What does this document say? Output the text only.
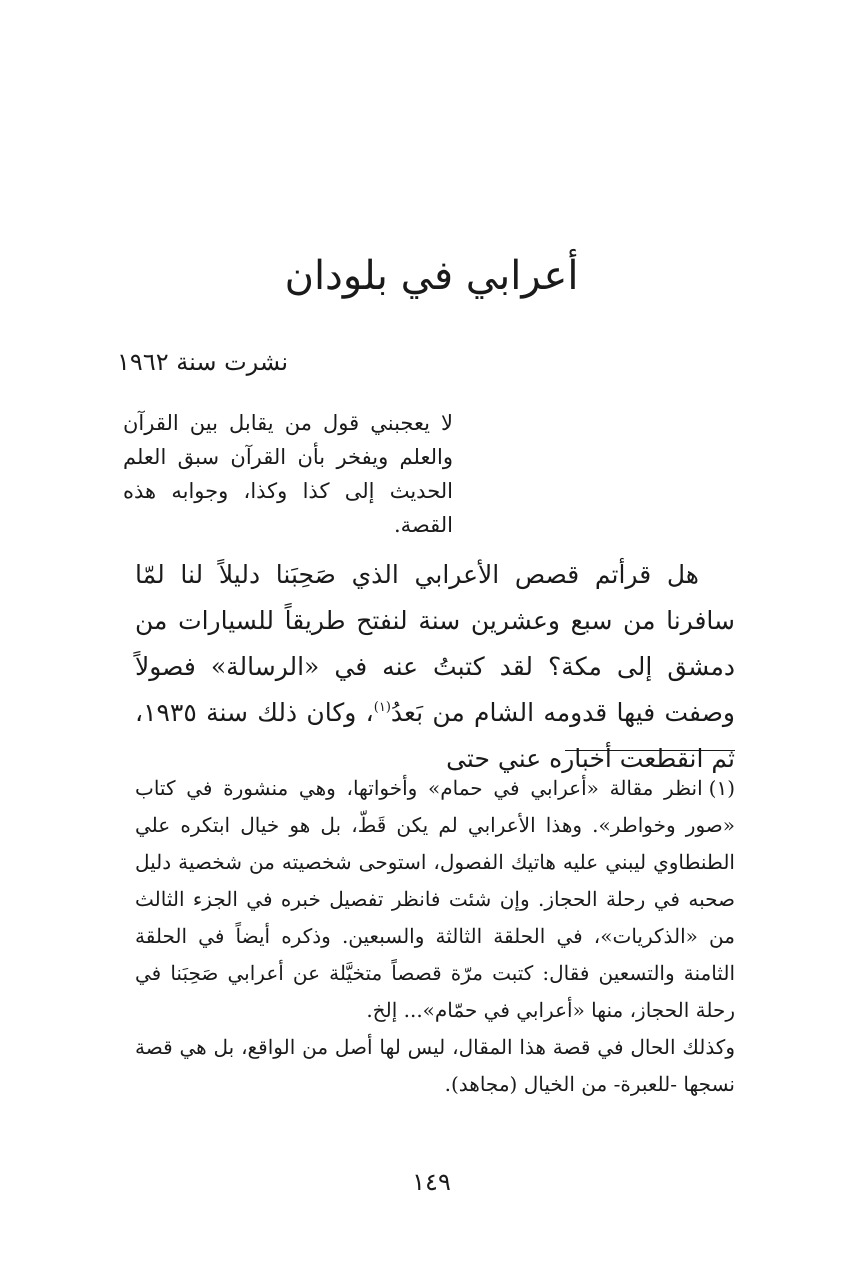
أعرابي في بلودان

نشرت سنة ١٩٦٢

لا يعجبني قول من يقابل بين القرآن والعلم ويفخر بأن القرآن سبق العلم الحديث إلى كذا وكذا، وجوابه هذه القصة.

هل قرأتم قصص الأعرابي الذي صَحِبَنا دليلاً لنا لمّا سافرنا من سبع وعشرين سنة لنفتح طريقاً للسيارات من دمشق إلى مكة؟ لقد كتبتُ عنه في «الرسالة» فصولاً وصفت فيها قدومه الشام من بَعدُ$^{(١)}$، وكان ذلك سنة ١٩٣٥، ثم انقطعت أخباره عني حتى

(١)انظر مقالة «أعرابي في حمام» وأخواتها، وهي منشورة في كتاب «صور وخواطر». وهذا الأعرابي لم يكن قَطّ، بل هو خيال ابتكره علي الطنطاوي ليبني عليه هاتيك الفصول، استوحى شخصيته من شخصية دليل صحبه في رحلة الحجاز. وإن شئت فانظر تفصيل خبره في الجزء الثالث من «الذكريات»، في الحلقة الثالثة والسبعين. وذكره أيضاً في الحلقة الثامنة والتسعين فقال: كتبت مرّة قصصاً متخيَّلة عن أعرابي صَحِبَنا في رحلة الحجاز، منها «أعرابي في حمّام»... إلخ.

وكذلك الحال في قصة هذا المقال، ليس لها أصل من الواقع، بل هي قصة نسجها -للعبرة- من الخيال (مجاهد).

١٤٩
